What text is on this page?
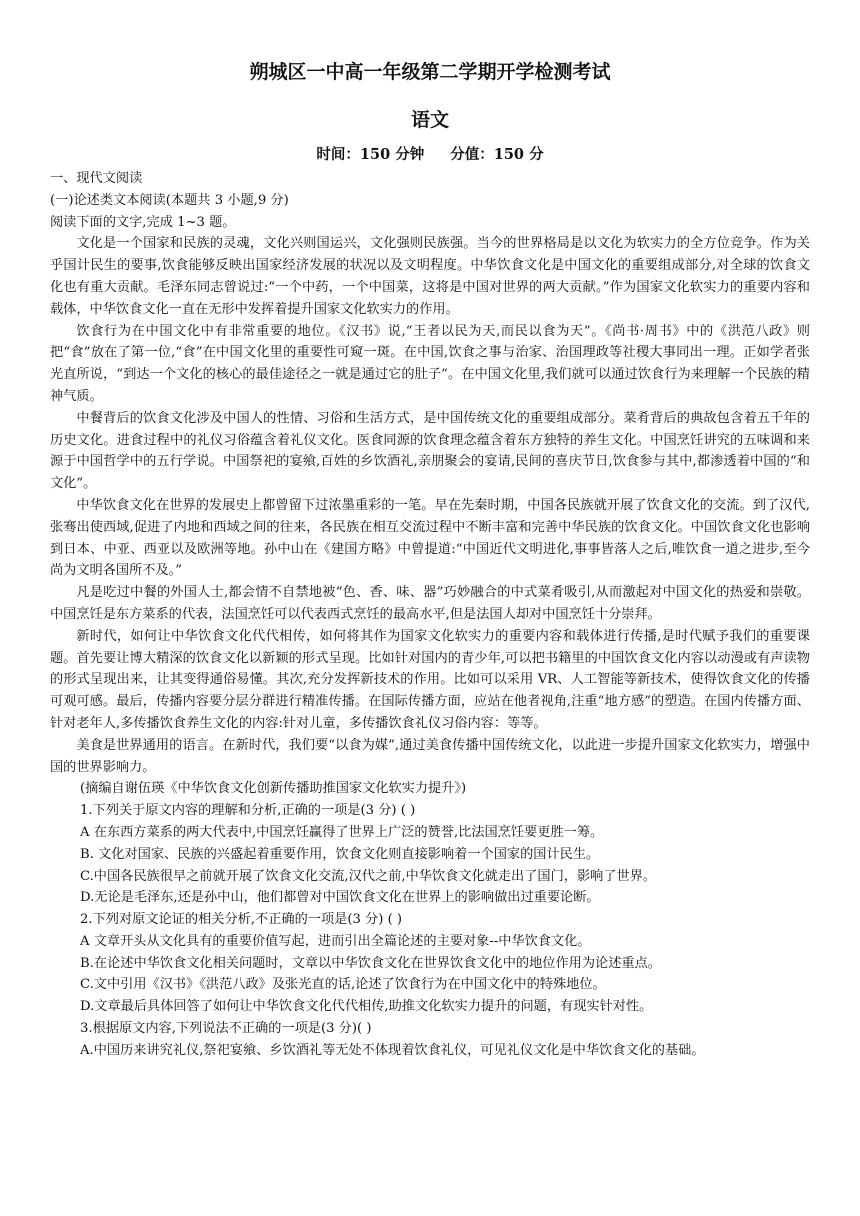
朔城区一中高一年级第二学期开学检测考试

语文

时间：150 分钟 分值：150 分

一、现代文阅读

(一)论述类文本阅读(本题共 3 小题,9 分)

阅读下面的文字,完成 1~3 题。

文化是一个国家和民族的灵魂，文化兴则国运兴，文化强则民族强。当今的世界格局是以文化为软实力的全方位竞争。作为关乎国计民生的要事,饮食能够反映出国家经济发展的状况以及文明程度。中华饮食文化是中国文化的重要组成部分,对全球的饮食文化也有重大贡献。毛泽东同志曾说过:“一个中药，一个中国菜，这将是中国对世界的两大贡献。”作为国家文化软实力的重要内容和载体，中华饮食文化一直在无形中发挥着提升国家文化软实力的作用。

饮食行为在中国文化中有非常重要的地位。《汉书》说,“王者以民为天,而民以食为天”。《尚书·周书》中的《洪范八政》则把“食”放在了第一位,“食”在中国文化里的重要性可窥一斑。在中国,饮食之事与治家、治国理政等社稷大事同出一理。正如学者张光直所说，“到达一个文化的核心的最佳途径之一就是通过它的肚子”。在中国文化里,我们就可以通过饮食行为来理解一个民族的精神气质。

中餐背后的饮食文化涉及中国人的性情、习俗和生活方式，是中国传统文化的重要组成部分。菜肴背后的典故包含着五千年的历史文化。进食过程中的礼仪习俗蕴含着礼仪文化。医食同源的饮食理念蕴含着东方独特的养生文化。中国烹饪讲究的五味调和来源于中国哲学中的五行学说。中国祭祀的宴飨,百姓的乡饮酒礼,亲朋聚会的宴请,民间的喜庆节日,饮食参与其中,都渗透着中国的“和文化”。

中华饮食文化在世界的发展史上都曾留下过浓墨重彩的一笔。早在先秦时期，中国各民族就开展了饮食文化的交流。到了汉代,张骞出使西域,促进了内地和西域之间的往来，各民族在相互交流过程中不断丰富和完善中华民族的饮食文化。中国饮食文化也影响到日本、中亚、西亚以及欧洲等地。孙中山在《建国方略》中曾提道:“中国近代文明进化,事事皆落人之后,唯饮食一道之进步,至今尚为文明各国所不及。”

凡是吃过中餐的外国人士,都会情不自禁地被“色、香、味、器”巧妙融合的中式菜肴吸引,从而激起对中国文化的热爱和崇敬。中国烹饪是东方菜系的代表，法国烹饪可以代表西式烹饪的最高水平,但是法国人却对中国烹饪十分崇拜。

新时代，如何让中华饮食文化代代相传，如何将其作为国家文化软实力的重要内容和载体进行传播,是时代赋予我们的重要课题。首先要让博大精深的饮食文化以新颖的形式呈现。比如针对国内的青少年,可以把书籍里的中国饮食文化内容以动漫或有声读物的形式呈现出来，让其变得通俗易懂。其次,充分发挥新技术的作用。比如可以采用 VR、人工智能等新技术，使得饮食文化的传播可观可感。最后，传播内容要分层分群进行精准传播。在国际传播方面，应站在他者视角,注重“地方感”的塑造。在国内传播方面、针对老年人,多传播饮食养生文化的内容:针对儿童，多传播饮食礼仪习俗内容：等等。

美食是世界通用的语言。在新时代，我们要“以食为媒”,通过美食传播中国传统文化，以此进一步提升国家文化软实力，增强中国的世界影响力。

(摘编自谢伍瑛《中华饮食文化创新传播助推国家文化软实力提升》)

1.下列关于原文内容的理解和分析,正确的一项是(3 分) ( )

A 在东西方菜系的两大代表中,中国烹饪赢得了世界上广泛的赞誉,比法国烹饪要更胜一筹。

B. 文化对国家、民族的兴盛起着重要作用，饮食文化则直接影响着一个国家的国计民生。

C.中国各民族很早之前就开展了饮食文化交流,汉代之前,中华饮食文化就走出了国门，影响了世界。

D.无论是毛泽东,还是孙中山，他们都曾对中国饮食文化在世界上的影响做出过重要论断。

2.下列对原文论证的相关分析,不正确的一项是(3 分) ( )

A 文章开头从文化具有的重要价值写起，进而引出全篇论述的主要对象--中华饮食文化。

B.在论述中华饮食文化相关问题时，文章以中华饮食文化在世界饮食文化中的地位作用为论述重点。

C.文中引用《汉书》《洪范八政》及张光直的话,论述了饮食行为在中国文化中的特殊地位。

D.文章最后具体回答了如何让中华饮食文化代代相传,助推文化软实力提升的问题，有现实针对性。

3.根据原文内容,下列说法不正确的一项是(3 分)( )

A.中国历来讲究礼仪,祭祀宴飨、乡饮酒礼等无处不体现着饮食礼仪，可见礼仪文化是中华饮食文化的基础。
